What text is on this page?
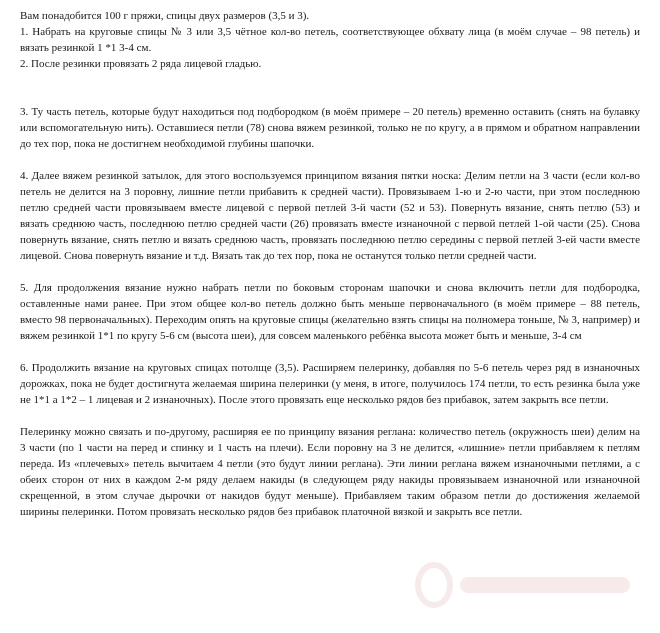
Вам понадобится 100 г пряжи, спицы двух размеров (3,5 и 3).

1. Набрать на круговые спицы № 3 или 3,5 чётное кол-во петель, соответствующее обхвату лица (в моём случае – 98 петель) и вязать резинкой 1 *1 3-4 см.

2. После резинки провязать 2 ряда лицевой гладью.

3. Ту часть петель, которые будут находиться под подбородком (в моём примере – 20 петель) временно оставить (снять на булавку или вспомогательную нить). Оставшиеся петли (78) снова вяжем резинкой, только не по кругу, а в прямом и обратном направлении до тех пор, пока не достигнем необходимой глубины шапочки.

4. Далее вяжем резинкой затылок, для этого воспользуемся принципом вязания пятки носка: Делим петли на 3 части (если кол-во петель не делится на 3 поровну, лишние петли прибавить к средней части). Провязываем 1-ю и 2-ю части, при этом последнюю петлю средней части провязываем вместе лицевой с первой петлей 3-й части (52 и 53). Повернуть вязание, снять петлю (53) и вязать среднюю часть, последнюю петлю средней части (26) провязать вместе изнаночной с первой петлей 1-ой части (25). Снова повернуть вязание, снять петлю и вязать среднюю часть, провязать последнюю петлю середины с первой петлей 3-ей части вместе лицевой. Снова повернуть вязание и т.д. Вязать так до тех пор, пока не останутся только петли средней части.

5. Для продолжения вязание нужно набрать петли по боковым сторонам шапочки и снова включить петли для подбородка, оставленные нами ранее. При этом общее кол-во петель должно быть меньше первоначального (в моём примере – 88 петель, вместо 98 первоначальных). Переходим опять на круговые спицы (желательно взять спицы на полномера тоньше, № 3, например) и вяжем резинкой 1*1 по кругу 5-6 см (высота шеи), для совсем маленького ребёнка высота может быть и меньше, 3-4 см

6. Продолжить вязание на круговых спицах потолще (3,5). Расширяем пелеринку, добавляя по 5-6 петель через ряд в изнаночных дорожках, пока не будет достигнута желаемая ширина пелеринки (у меня, в итоге, получилось 174 петли, то есть резинка была уже не 1*1 а 1*2 – 1 лицевая и 2 изнаночных). После этого провязать еще несколько рядов без прибавок, затем закрыть все петли.

Пелеринку можно связать и по-другому, расширяя ее по принципу вязания реглана: количество петель (окружность шеи) делим на 3 части (по 1 части на перед и спинку и 1 часть на плечи). Если поровну на 3 не делится, «лишние» петли прибавляем к петлям переда. Из «плечевых» петель вычитаем 4 петли (это будут линии реглана). Эти линии реглана вяжем изнаночными петлями, а с обеих сторон от них в каждом 2-м ряду делаем накиды (в следующем ряду накиды провязываем изнаночной или изнаночной скрещенной, в этом случае дырочки от накидов будут меньше). Прибавляем таким образом петли до достижения желаемой ширины пелеринки. Потом провязать несколько рядов без прибавок платочной вязкой и закрыть все петли.
